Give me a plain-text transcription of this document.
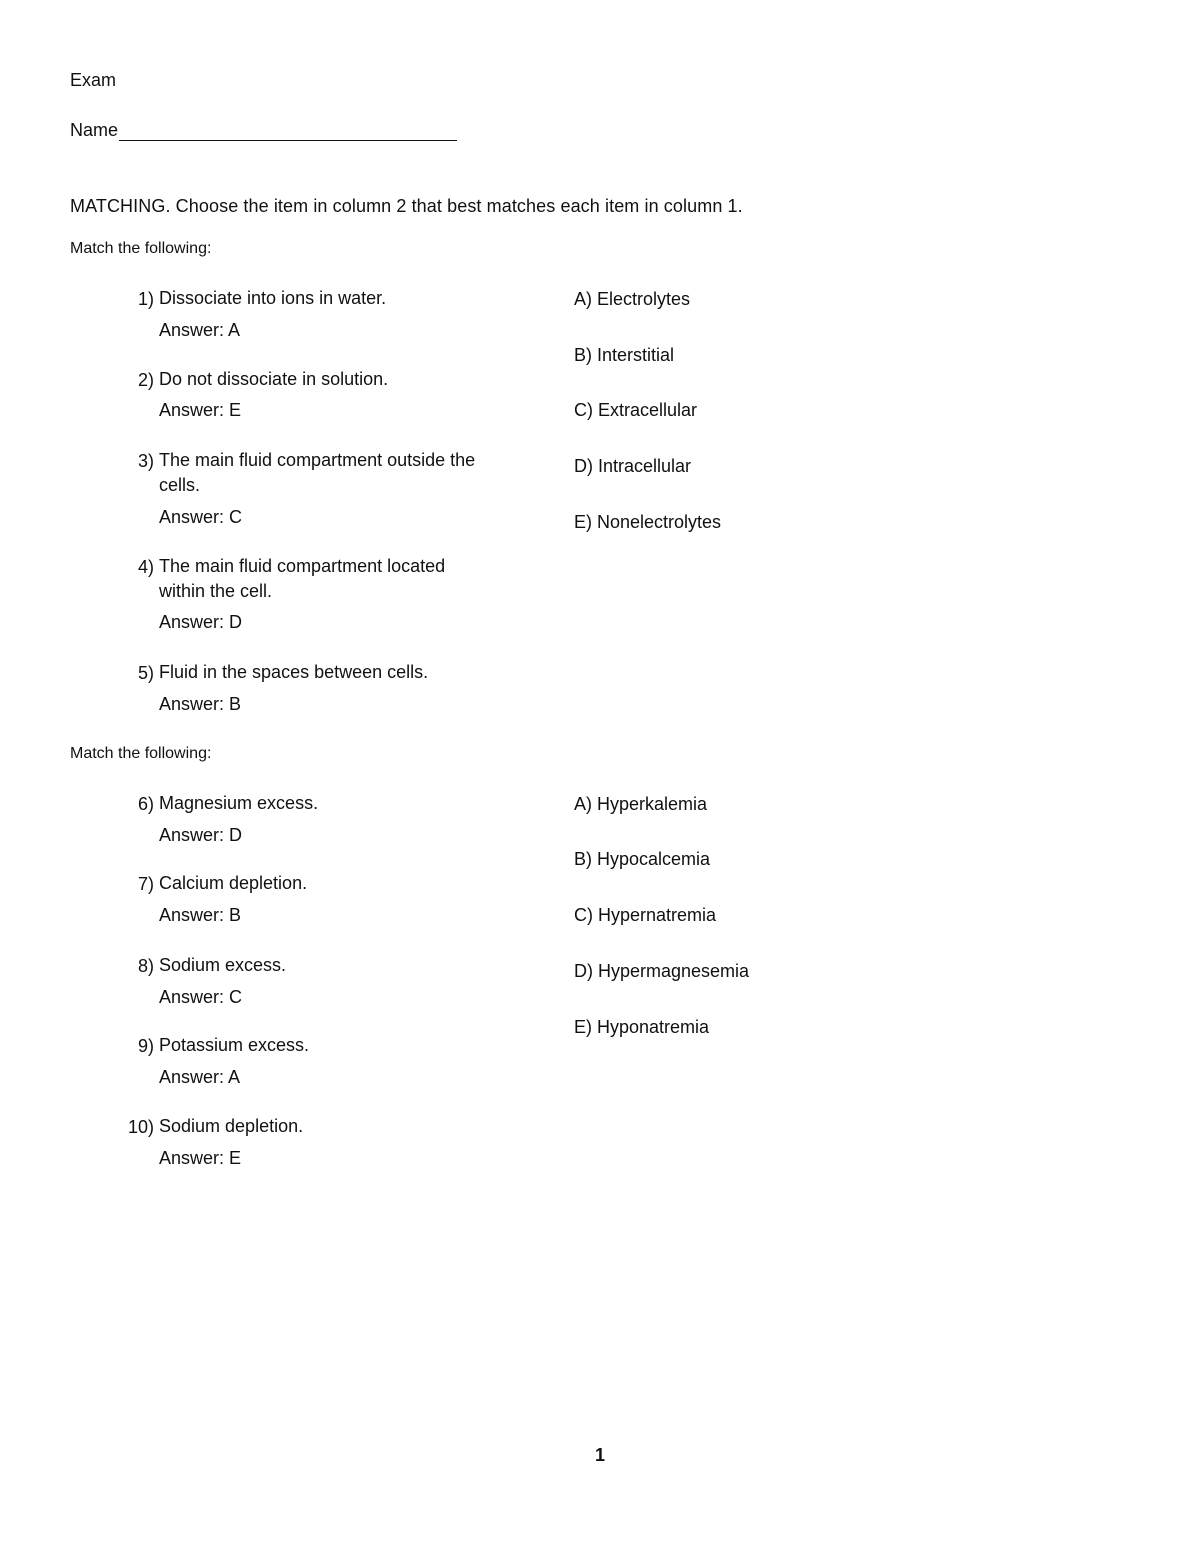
Exam
Name
MATCHING. Choose the item in column 2 that best matches each item in column 1.
Match the following:
1) Dissociate into ions in water.
Answer: A
2) Do not dissociate in solution.
Answer: E
3) The main fluid compartment outside the cells.
Answer: C
4) The main fluid compartment located within the cell.
Answer: D
5) Fluid in the spaces between cells.
Answer: B
A) Electrolytes
B) Interstitial
C) Extracellular
D) Intracellular
E) Nonelectrolytes
Match the following:
6) Magnesium excess.
Answer: D
7) Calcium depletion.
Answer: B
8) Sodium excess.
Answer: C
9) Potassium excess.
Answer: A
10) Sodium depletion.
Answer: E
A) Hyperkalemia
B) Hypocalcemia
C) Hypernatremia
D) Hypermagnesemia
E) Hyponatremia
1
